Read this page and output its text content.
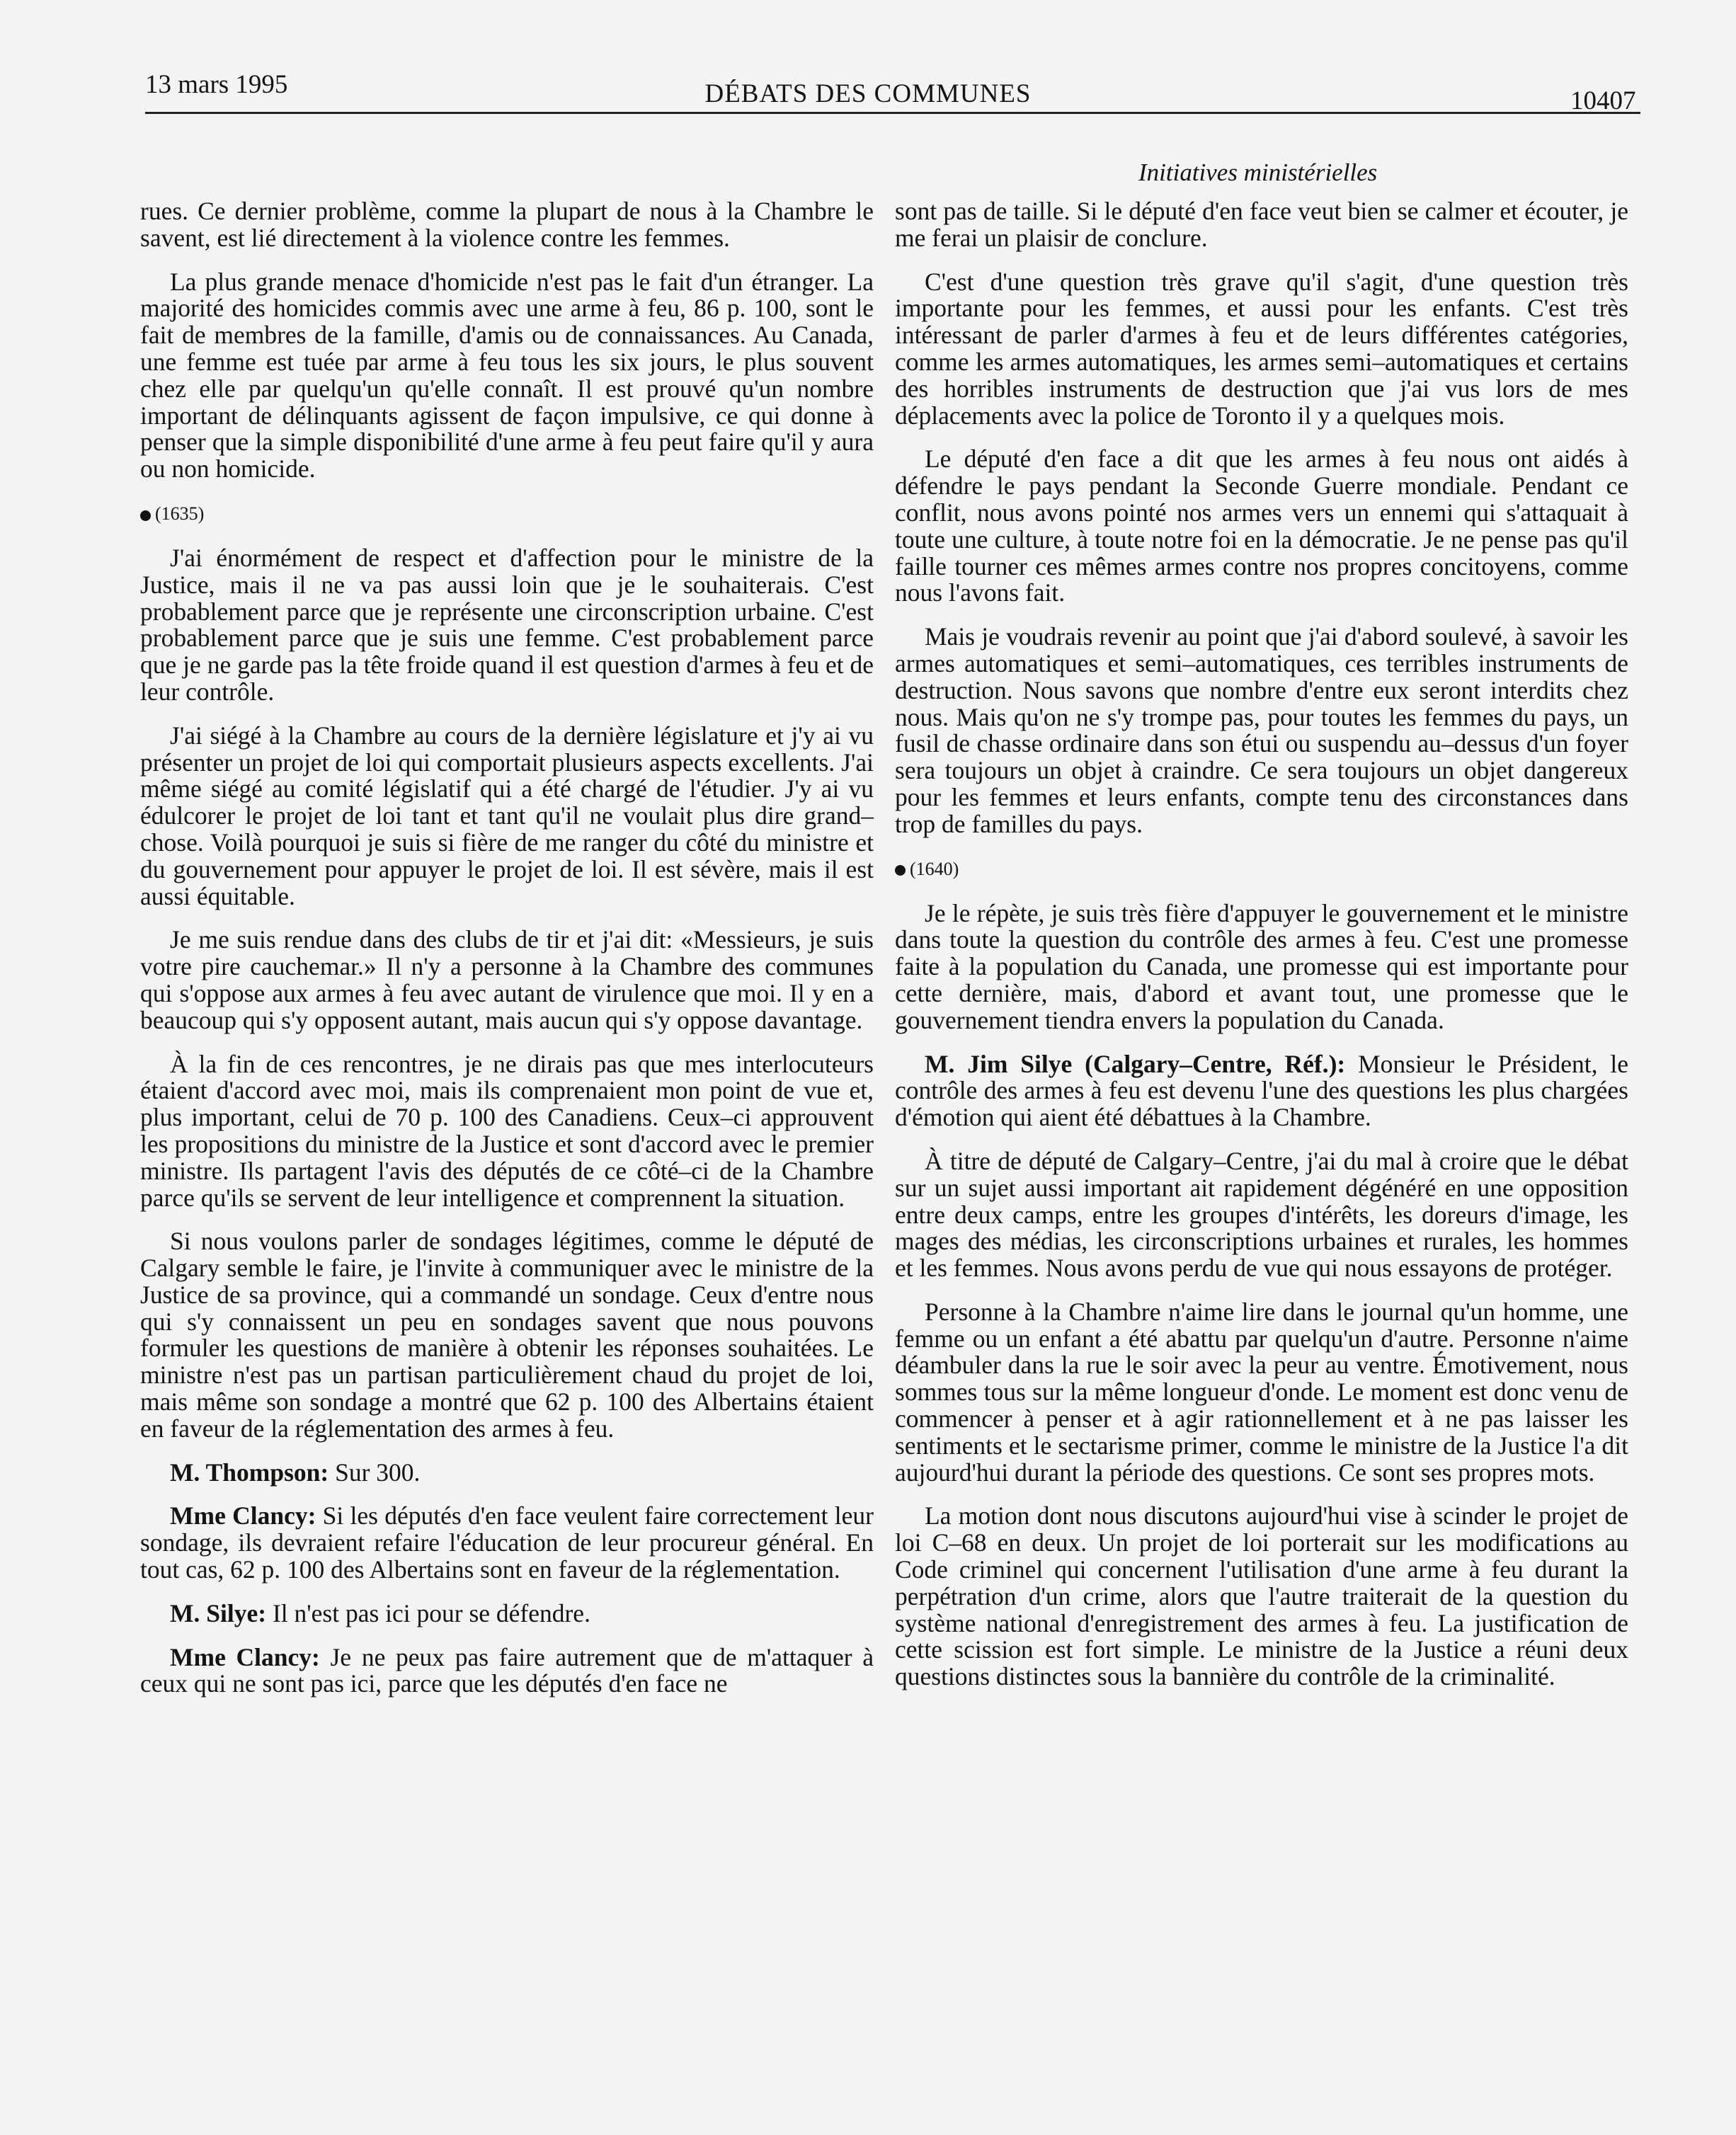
13 mars 1995	DÉBATS DES COMMUNES	10407
Initiatives ministérielles

rues. Ce dernier problème, comme la plupart de nous à la Chambre le savent, est lié directement à la violence contre les femmes.

La plus grande menace d'homicide n'est pas le fait d'un étranger. La majorité des homicides commis avec une arme à feu, 86 p. 100, sont le fait de membres de la famille, d'amis ou de connaissances. Au Canada, une femme est tuée par arme à feu tous les six jours, le plus souvent chez elle par quelqu'un qu'elle connaît. Il est prouvé qu'un nombre important de délinquants agissent de façon impulsive, ce qui donne à penser que la simple disponibilité d'une arme à feu peut faire qu'il y aura ou non homicide.

(1635)

J'ai énormément de respect et d'affection pour le ministre de la Justice, mais il ne va pas aussi loin que je le souhaiterais. C'est probablement parce que je représente une circonscription urbaine. C'est probablement parce que je suis une femme. C'est probablement parce que je ne garde pas la tête froide quand il est question d'armes à feu et de leur contrôle.

J'ai siégé à la Chambre au cours de la dernière législature et j'y ai vu présenter un projet de loi qui comportait plusieurs aspects excellents. J'ai même siégé au comité législatif qui a été chargé de l'étudier. J'y ai vu édulcorer le projet de loi tant et tant qu'il ne voulait plus dire grand–chose. Voilà pourquoi je suis si fière de me ranger du côté du ministre et du gouvernement pour appuyer le projet de loi. Il est sévère, mais il est aussi équitable.

Je me suis rendue dans des clubs de tir et j'ai dit: «Messieurs, je suis votre pire cauchemar.» Il n'y a personne à la Chambre des communes qui s'oppose aux armes à feu avec autant de virulence que moi. Il y en a beaucoup qui s'y opposent autant, mais aucun qui s'y oppose davantage.

À la fin de ces rencontres, je ne dirais pas que mes interlocuteurs étaient d'accord avec moi, mais ils comprenaient mon point de vue et, plus important, celui de 70 p. 100 des Canadiens. Ceux–ci approuvent les propositions du ministre de la Justice et sont d'accord avec le premier ministre. Ils partagent l'avis des députés de ce côté–ci de la Chambre parce qu'ils se servent de leur intelligence et comprennent la situation.

Si nous voulons parler de sondages légitimes, comme le député de Calgary semble le faire, je l'invite à communiquer avec le ministre de la Justice de sa province, qui a commandé un sondage. Ceux d'entre nous qui s'y connaissent un peu en sondages savent que nous pouvons formuler les questions de manière à obtenir les réponses souhaitées. Le ministre n'est pas un partisan particulièrement chaud du projet de loi, mais même son sondage a montré que 62 p. 100 des Albertains étaient en faveur de la réglementation des armes à feu.

M. Thompson: Sur 300.

Mme Clancy: Si les députés d'en face veulent faire correctement leur sondage, ils devraient refaire l'éducation de leur procureur général. En tout cas, 62 p. 100 des Albertains sont en faveur de la réglementation.

M. Silye: Il n'est pas ici pour se défendre.

Mme Clancy: Je ne peux pas faire autrement que de m'attaquer à ceux qui ne sont pas ici, parce que les députés d'en face ne

sont pas de taille. Si le député d'en face veut bien se calmer et écouter, je me ferai un plaisir de conclure.

C'est d'une question très grave qu'il s'agit, d'une question très importante pour les femmes, et aussi pour les enfants. C'est très intéressant de parler d'armes à feu et de leurs différentes catégories, comme les armes automatiques, les armes semi–automatiques et certains des horribles instruments de destruction que j'ai vus lors de mes déplacements avec la police de Toronto il y a quelques mois.

Le député d'en face a dit que les armes à feu nous ont aidés à défendre le pays pendant la Seconde Guerre mondiale. Pendant ce conflit, nous avons pointé nos armes vers un ennemi qui s'attaquait à toute une culture, à toute notre foi en la démocratie. Je ne pense pas qu'il faille tourner ces mêmes armes contre nos propres concitoyens, comme nous l'avons fait.

Mais je voudrais revenir au point que j'ai d'abord soulevé, à savoir les armes automatiques et semi–automatiques, ces terribles instruments de destruction. Nous savons que nombre d'entre eux seront interdits chez nous. Mais qu'on ne s'y trompe pas, pour toutes les femmes du pays, un fusil de chasse ordinaire dans son étui ou suspendu au–dessus d'un foyer sera toujours un objet à craindre. Ce sera toujours un objet dangereux pour les femmes et leurs enfants, compte tenu des circonstances dans trop de familles du pays.

(1640)

Je le répète, je suis très fière d'appuyer le gouvernement et le ministre dans toute la question du contrôle des armes à feu. C'est une promesse faite à la population du Canada, une promesse qui est importante pour cette dernière, mais, d'abord et avant tout, une promesse que le gouvernement tiendra envers la population du Canada.

M. Jim Silye (Calgary–Centre, Réf.): Monsieur le Président, le contrôle des armes à feu est devenu l'une des questions les plus chargées d'émotion qui aient été débattues à la Chambre.

À titre de député de Calgary–Centre, j'ai du mal à croire que le débat sur un sujet aussi important ait rapidement dégénéré en une opposition entre deux camps, entre les groupes d'intérêts, les doreurs d'image, les mages des médias, les circonscriptions urbaines et rurales, les hommes et les femmes. Nous avons perdu de vue qui nous essayons de protéger.

Personne à la Chambre n'aime lire dans le journal qu'un homme, une femme ou un enfant a été abattu par quelqu'un d'autre. Personne n'aime déambuler dans la rue le soir avec la peur au ventre. Émotivement, nous sommes tous sur la même longueur d'onde. Le moment est donc venu de commencer à penser et à agir rationnellement et à ne pas laisser les sentiments et le sectarisme primer, comme le ministre de la Justice l'a dit aujourd'hui durant la période des questions. Ce sont ses propres mots.

La motion dont nous discutons aujourd'hui vise à scinder le projet de loi C–68 en deux. Un projet de loi porterait sur les modifications au Code criminel qui concernent l'utilisation d'une arme à feu durant la perpétration d'un crime, alors que l'autre traiterait de la question du système national d'enregistrement des armes à feu. La justification de cette scission est fort simple. Le ministre de la Justice a réuni deux questions distinctes sous la bannière du contrôle de la criminalité.
